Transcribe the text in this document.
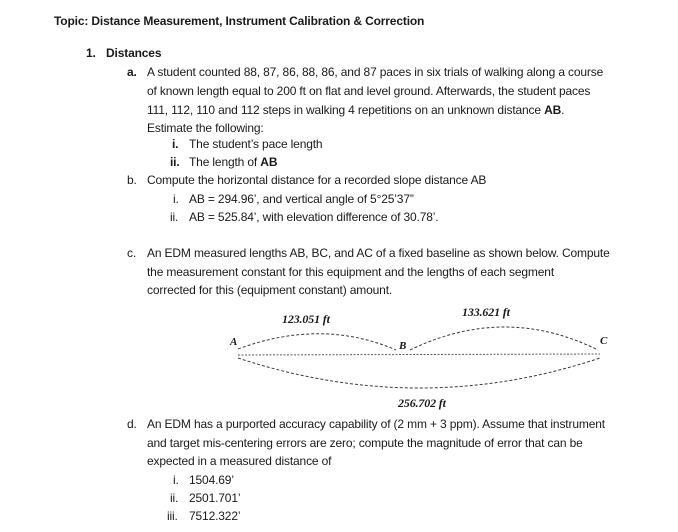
Topic: Distance Measurement, Instrument Calibration & Correction
1. Distances
a. A student counted 88, 87, 86, 88, 86, and 87 paces in six trials of walking along a course
of known length equal to 200 ft on flat and level ground. Afterwards, the student paces
111, 112, 110 and 112 steps in walking 4 repetitions on an unknown distance AB.
Estimate the following:
i. The student’s pace length
ii. The length of AB
b. Compute the horizontal distance for a recorded slope distance AB
i. AB = 294.96’, and vertical angle of 5°25’37”
ii. AB = 525.84’, with elevation difference of 30.78’.
c. An EDM measured lengths AB, BC, and AC of a fixed baseline as shown below. Compute
the measurement constant for this equipment and the lengths of each segment
corrected for this (equipment constant) amount.
123.051 ft	133.621 ft
A	B	C
256.702 ft
d. An EDM has a purported accuracy capability of (2 mm + 3 ppm). Assume that instrument
and target mis-centering errors are zero; compute the magnitude of error that can be
expected in a measured distance of
i. 1504.69’
ii. 2501.701’
iii. 7512.322’
